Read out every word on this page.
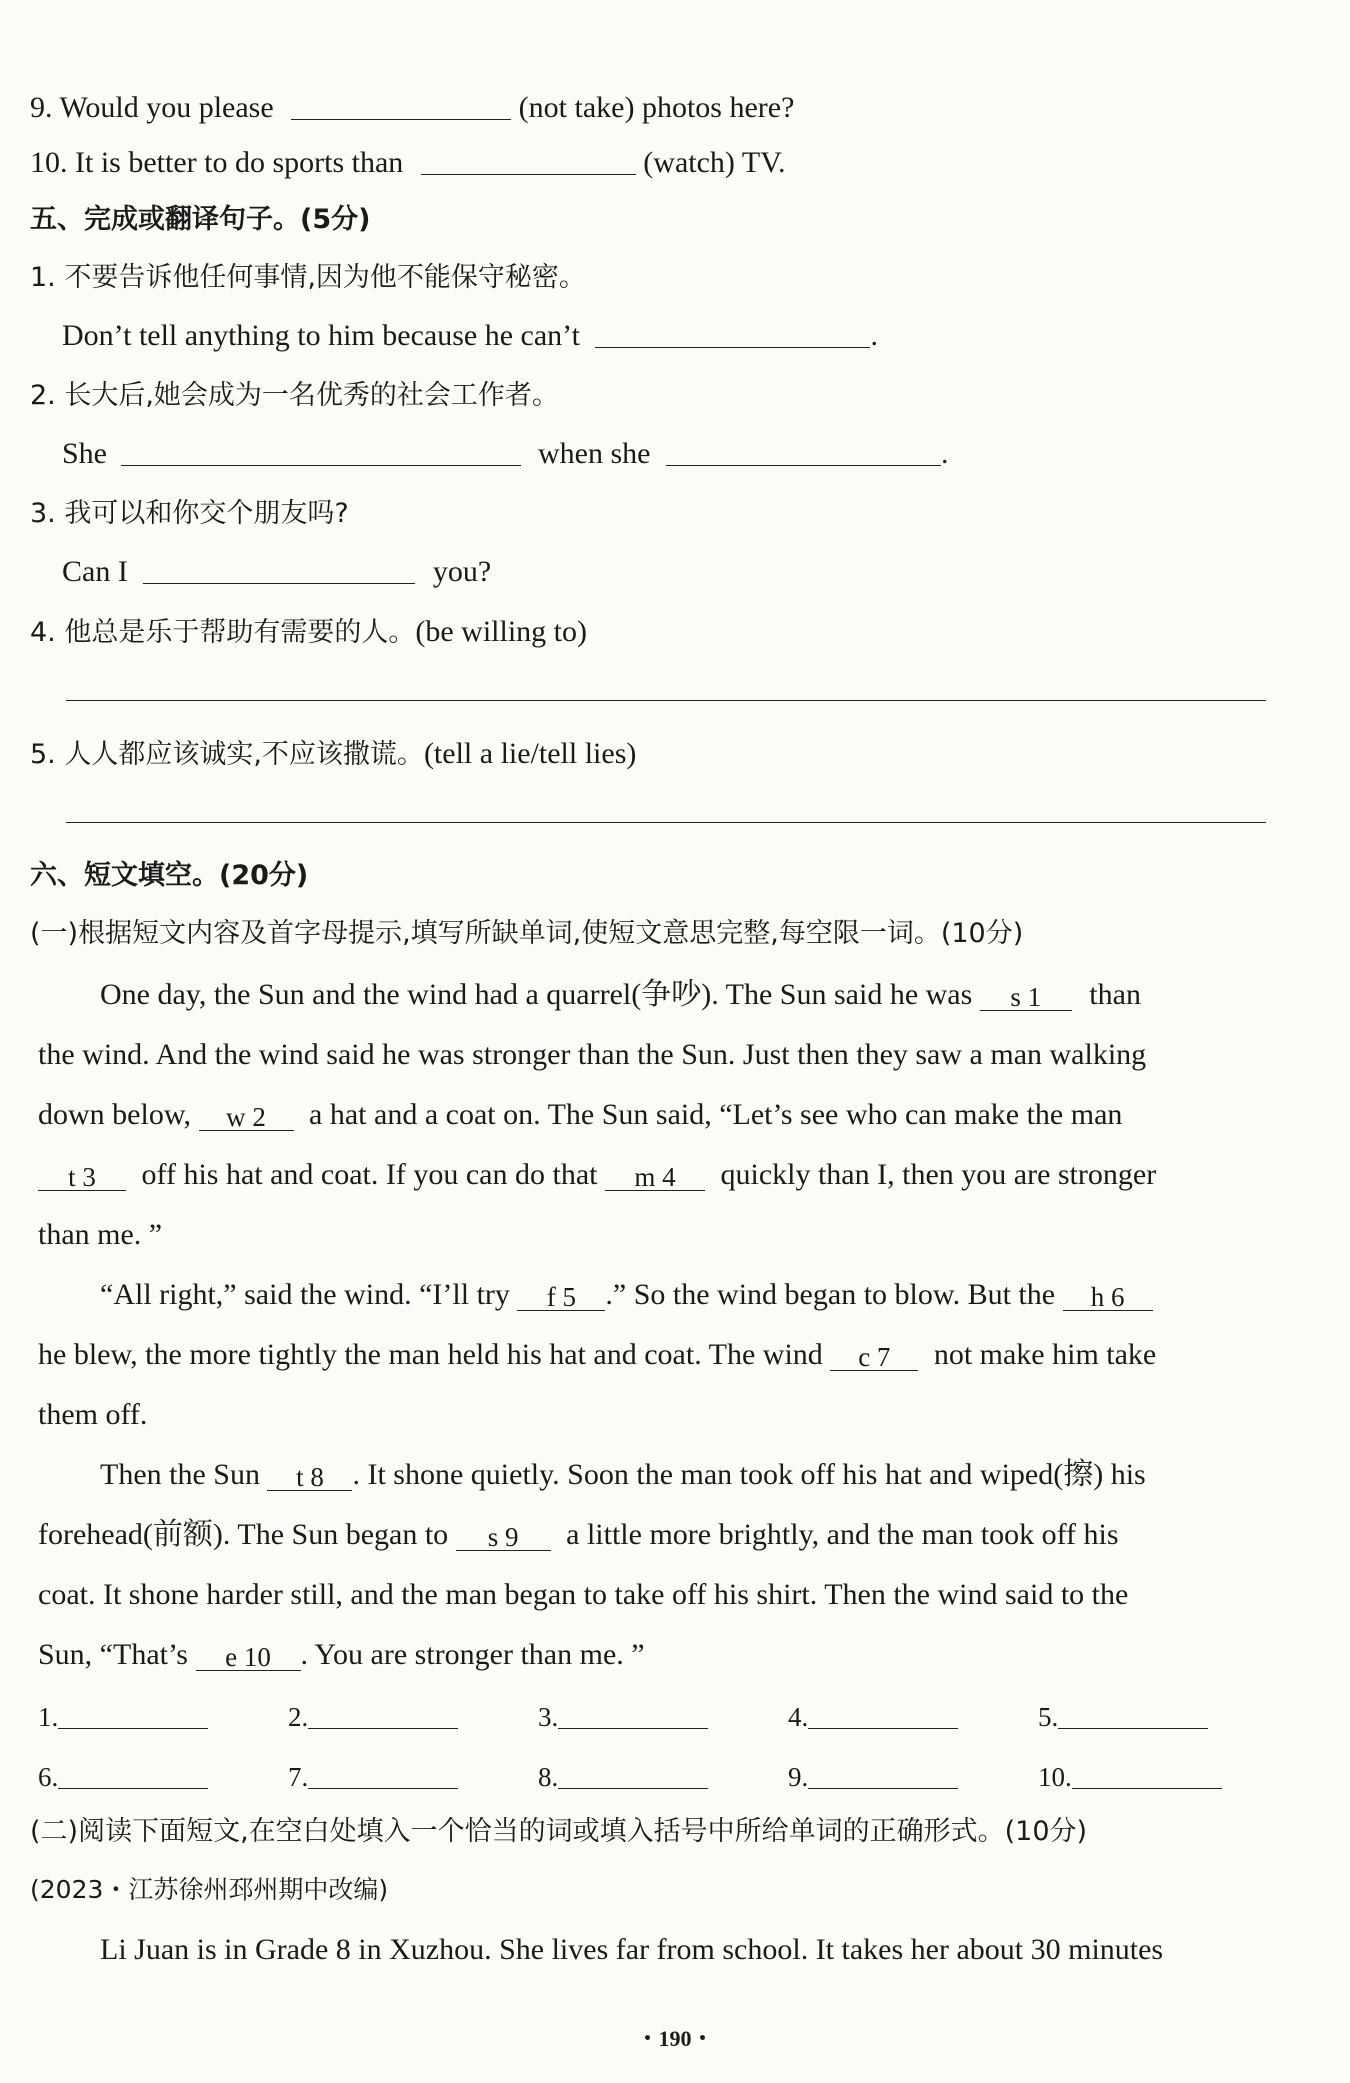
9. Would you please	(not take) photos here?
10. It is better to do sports than	(watch) TV.
五、完成或翻译句子。(5分)
1. 不要告诉他任何事情,因为他不能保守秘密。
Don’t tell anything to him because he can’t	.
2. 长大后,她会成为一名优秀的社会工作者。
She	when she	.
3. 我可以和你交个朋友吗?
Can I	you?
4. 他总是乐于帮助有需要的人。(be willing to)
5. 人人都应该诚实,不应该撒谎。(tell a lie/tell lies)
六、短文填空。(20分)
(一)根据短文内容及首字母提示,填写所缺单词,使短文意思完整,每空限一词。(10分)
One day, the Sun and the wind had a quarrel(争吵). The Sun said he was s 1 than
the wind. And the wind said he was stronger than the Sun. Just then they saw a man walking
down below, w 2 a hat and a coat on. The Sun said, “Let’s see who can make the man
t 3 off his hat and coat. If you can do that m 4 quickly than I, then you are stronger
than me. ”
“All right,” said the wind. “I’ll try f 5 .” So the wind began to blow. But the h 6
he blew, the more tightly the man held his hat and coat. The wind c 7 not make him take
them off.
Then the Sun t 8 . It shone quietly. Soon the man took off his hat and wiped(擦) his
forehead(前额). The Sun began to s 9 a little more brightly, and the man took off his
coat. It shone harder still, and the man began to take off his shirt. Then the wind said to the
Sun, “That’s e 10 . You are stronger than me. ”
1.	2.	3.	4.	5.
6.	7.	8.	9.	10.
(二)阅读下面短文,在空白处填入一个恰当的词或填入括号中所给单词的正确形式。(10分)
(2023・江苏徐州邳州期中改编)
Li Juan is in Grade 8 in Xuzhou. She lives far from school. It takes her about 30 minutes
・190・
